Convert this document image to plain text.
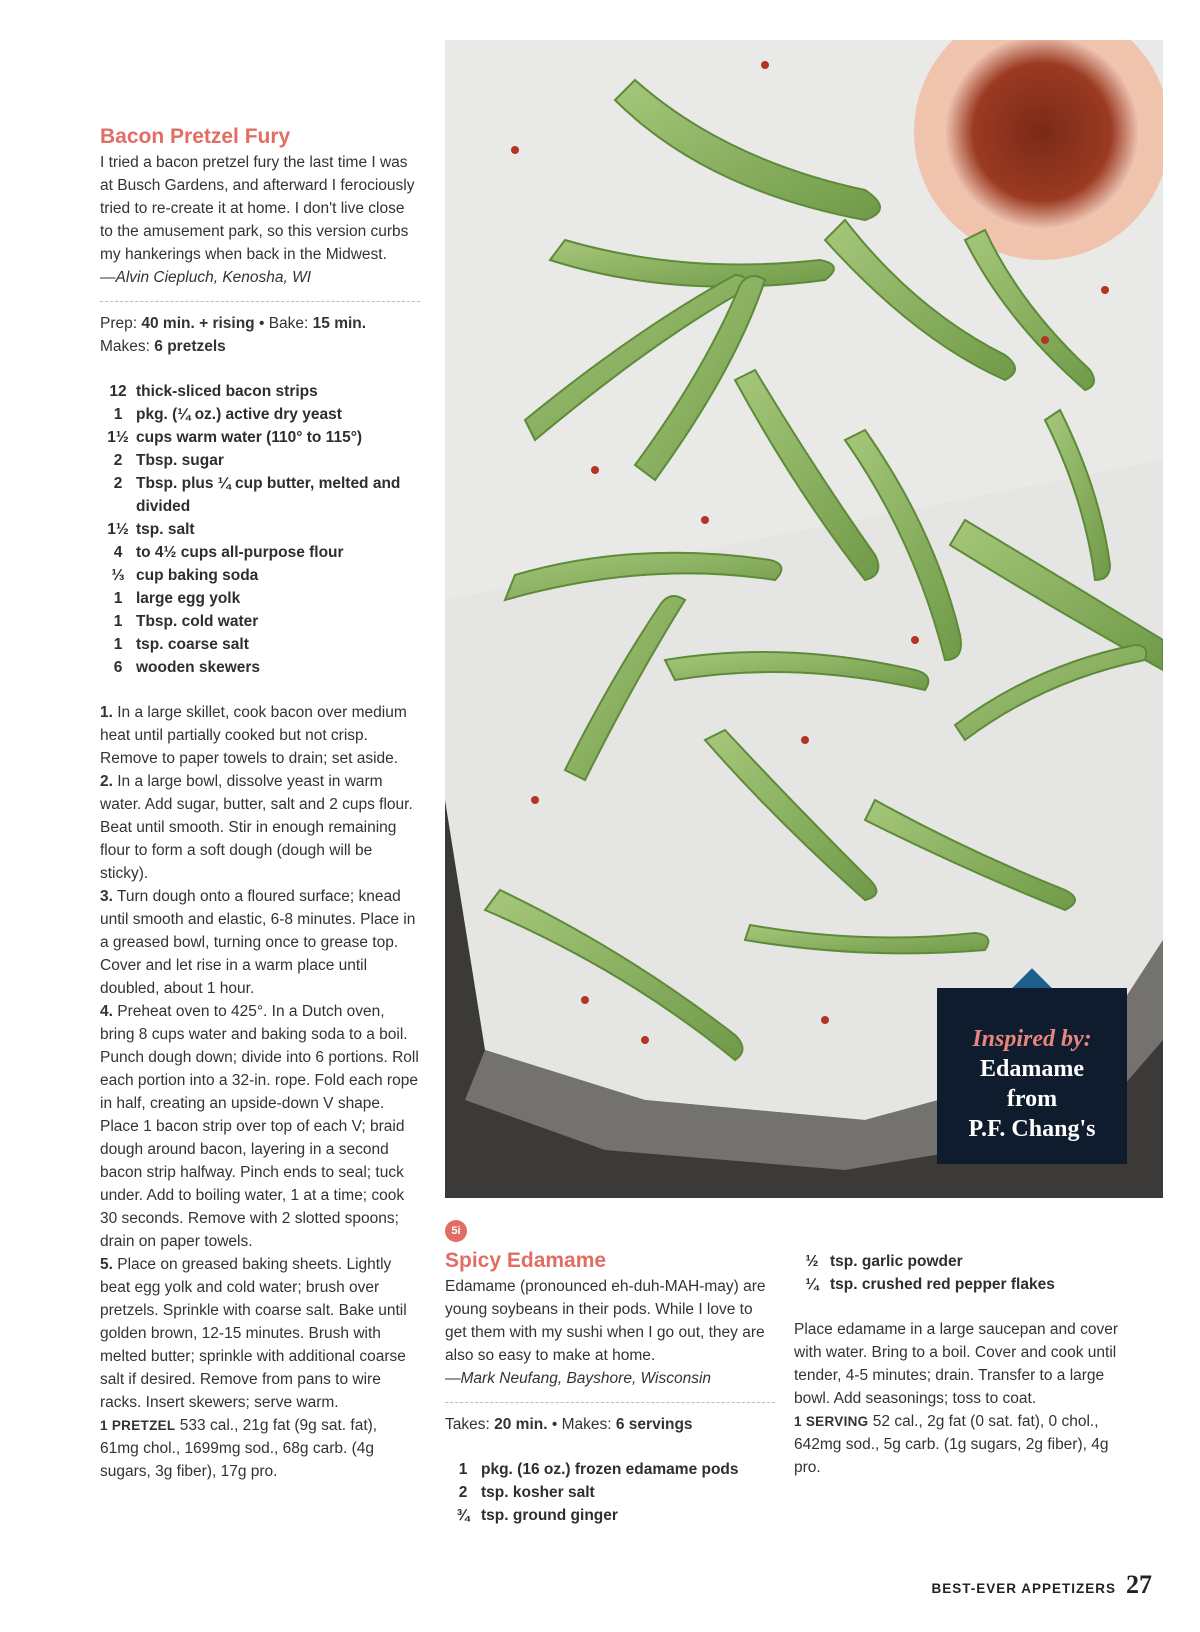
Bacon Pretzel Fury

I tried a bacon pretzel fury the last time I was at Busch Gardens, and afterward I ferociously tried to re-create it at home. I don't live close to the amusement park, so this version curbs my hankerings when back in the Midwest.
—Alvin Ciepluch, Kenosha, WI

Prep: 40 min. + rising • Bake: 15 min.
Makes: 6 pretzels
12 thick-sliced bacon strips
1 pkg. (¼ oz.) active dry yeast
1½ cups warm water (110° to 115°)
2 Tbsp. sugar
2 Tbsp. plus ¼ cup butter, melted and divided
1½ tsp. salt
4 to 4½ cups all-purpose flour
⅓ cup baking soda
1 large egg yolk
1 Tbsp. cold water
1 tsp. coarse salt
6 wooden skewers

1. In a large skillet, cook bacon over medium heat until partially cooked but not crisp. Remove to paper towels to drain; set aside.

2. In a large bowl, dissolve yeast in warm water. Add sugar, butter, salt and 2 cups flour. Beat until smooth. Stir in enough remaining flour to form a soft dough (dough will be sticky).

3. Turn dough onto a floured surface; knead until smooth and elastic, 6-8 minutes. Place in a greased bowl, turning once to grease top. Cover and let rise in a warm place until doubled, about 1 hour.

4. Preheat oven to 425°. In a Dutch oven, bring 8 cups water and baking soda to a boil. Punch dough down; divide into 6 portions. Roll each portion into a 32-in. rope. Fold each rope in half, creating an upside-down V shape. Place 1 bacon strip over top of each V; braid dough around bacon, layering in a second bacon strip halfway. Pinch ends to seal; tuck under. Add to boiling water, 1 at a time; cook 30 seconds. Remove with 2 slotted spoons; drain on paper towels.

5. Place on greased baking sheets. Lightly beat egg yolk and cold water; brush over pretzels. Sprinkle with coarse salt. Bake until golden brown, 12-15 minutes. Brush with melted butter; sprinkle with additional coarse salt if desired. Remove from pans to wire racks. Insert skewers; serve warm.

1 PRETZEL 533 cal., 21g fat (9g sat. fat), 61mg chol., 1699mg sod., 68g carb. (4g sugars, 3g fiber), 17g pro.

Inspired by:
Edamame
from
P.F. Chang's
5i
Spicy Edamame

Edamame (pronounced eh-duh-MAH-may) are young soybeans in their pods. While I love to get them with my sushi when I go out, they are also so easy to make at home.
—Mark Neufang, Bayshore, Wisconsin

Takes: 20 min. • Makes: 6 servings
1 pkg. (16 oz.) frozen edamame pods
2 tsp. kosher salt
¾ tsp. ground ginger
½ tsp. garlic powder
¼ tsp. crushed red pepper flakes

Place edamame in a large saucepan and cover with water. Bring to a boil. Cover and cook until tender, 4-5 minutes; drain. Transfer to a large bowl. Add seasonings; toss to coat.

1 SERVING 52 cal., 2g fat (0 sat. fat), 0 chol., 642mg sod., 5g carb. (1g sugars, 2g fiber), 4g pro.

BEST-EVER APPETIZERS 27
